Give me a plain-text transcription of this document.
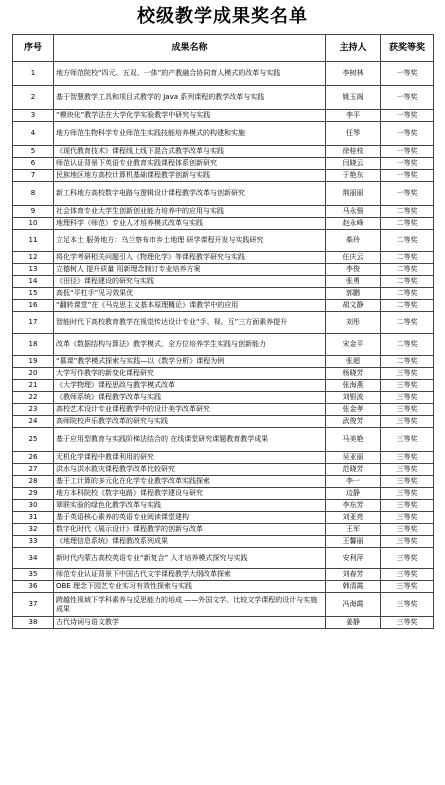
校级教学成果奖名单
序号	成果名称	主持人	获奖等奖
1	地方师范院校“四元、五双、一体”的产教融合协同育人模式的改革与实践	李树林	一等奖
2	基于智慧教学工具和项目式教学的 Java 系列课程的教学改革与实践	姚玉阁	一等奖
3	“模块化”教学法在大学化学实验教学中研究与实践	李平	一等奖
4	地方师范生物科学专业师范生实践技能培养模式的构建和实施	任琴	一等奖
5	《现代教育技术》课程线上线下混合式教学改革与实践	徐桂枝	一等奖
6	师范认证背景下英语专业教育实践课程体系创新研究	闫晓云	一等奖
7	民族地区地方高校计算机基础课程教学创新与实践	于艳东	一等奖
8	新工科地方高校数字电路与逻辑设计课程教学改革与创新研究	荆丽丽	一等奖
9	社会体育专业大学生创新创业能力培养中的应用与实践	马永强	二等奖
10	地理科学（师范）专业人才培养模式改革与实践	赵永峰	二等奖
11	立足本土 服务地方：乌兰察布市乡土地理 研学课程开发与实践研究	柴玲	二等奖
12	将化学考研相关问题引入《物理化学》等课程教学研究与实践	任庆云	二等奖
13	立德树人 提升质量 用新理念制订专业培养方案	李俊	二等奖
14	《田径》课程建设的研究与实践	张勇	二等奖
15	高低“平杠手”见习效果优	郭鹏	二等奖
16	“翻转课堂”在《马克思主义基本原理概论》课教学中的应用	胡文静	二等奖
17	智能时代下高校教育教学在视觉传达设计专业“手、视、互”三方面素养提升	刘彤	二等奖
18	改革《数据结构与算法》教学模式，全方位培养学生实践与创新能力	宋金平	二等奖
19	“慕课”教学模式探索与实践—以《数学分析》课程为例	张超	二等奖
20	大学写作教学的新变化课程研究	杨晓芳	三等奖
21	《大学物理》课程思政与教学模式改革	张海燕	三等奖
22	《教师系统》课程教学改革与实践	刘银波	三等奖
23	高校艺术设计专业课程教学中的设计美学改革研究	张金孝	三等奖
24	高师院校声乐教学改革的研究与实践	武俊芳	三等奖
25	基于应用型教育与实践阶梯法结合的 在线课堂研究课题教育教学成果	马美艳	三等奖
26	无机化学课程中教课利用的研究	吴亚丽	三等奖
27	洪水与洪水救灾课程教学改革比较研究	范晓芳	三等奖
28	基于工计算的多元化在化学专业教学改革实践探索	李一	三等奖
29	地方本科院校《数字电路》课程教学建设与研究	边静	三等奖
30	翠联实验的绿色化教学改革与实践	李东芳	三等奖
31	基于英语核心素养的英语专业阅读课堂建构	刘亚亮	三等奖
32	数字化时代《展示设计》课程教学的创新与改革	王军	三等奖
33	《地理信息系统》课程教改系列成果	王馨丽	三等奖
34	新时代内蒙古高校英语专业“新复合” 人才培养模式探究与实践	安利萍	三等奖
35	师范专业认证背景下中国古代文学课程教学大纲改革探索	刘春芳	三等奖
36	OBE 理念下园艺专业实习有效性探索与实践	韩清霞	三等奖
37	跨越性视域下学科素养与反思能力的培成 ——外国文学、比较文学课程的设计与实施成果	冯海霞	三等奖
38	古代诗词与语文教学	姜静	三等奖
